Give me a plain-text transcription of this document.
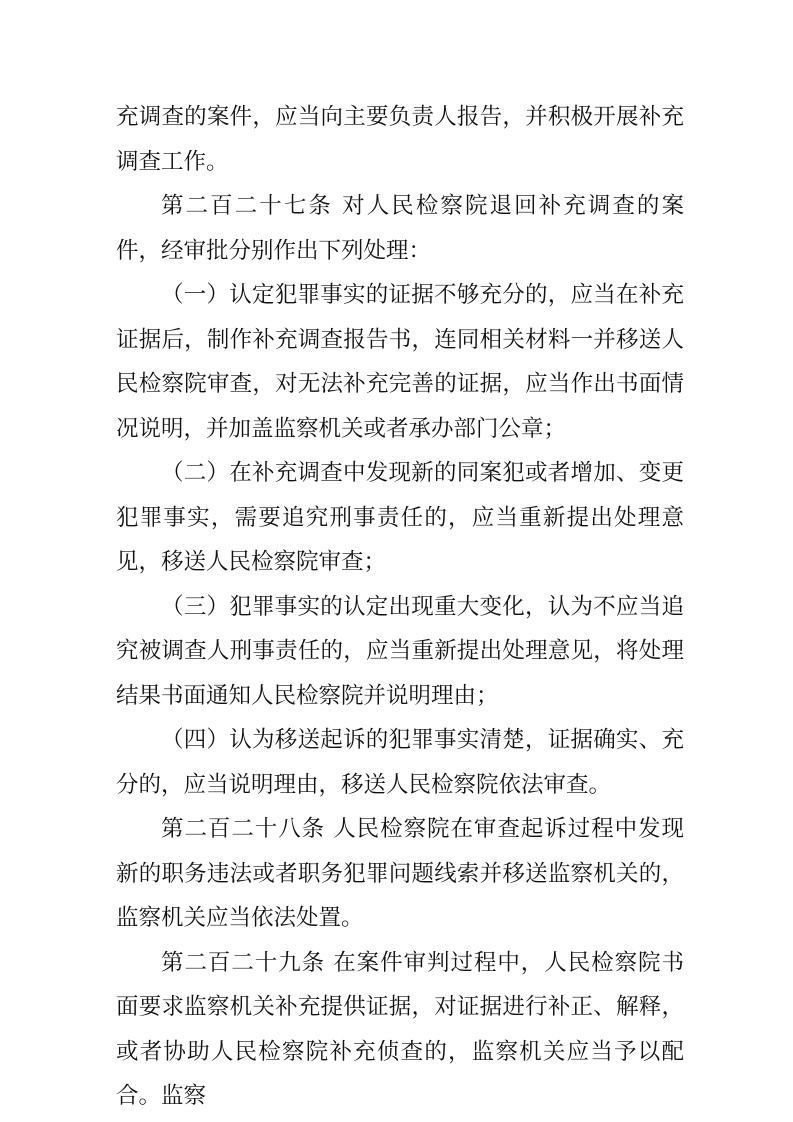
充调查的案件，应当向主要负责人报告，并积极开展补充调查工作。

第二百二十七条 对人民检察院退回补充调查的案件，经审批分别作出下列处理：

（一）认定犯罪事实的证据不够充分的，应当在补充证据后，制作补充调查报告书，连同相关材料一并移送人民检察院审查，对无法补充完善的证据，应当作出书面情况说明，并加盖监察机关或者承办部门公章；

（二）在补充调查中发现新的同案犯或者增加、变更犯罪事实，需要追究刑事责任的，应当重新提出处理意见，移送人民检察院审查；

（三）犯罪事实的认定出现重大变化，认为不应当追究被调查人刑事责任的，应当重新提出处理意见，将处理结果书面通知人民检察院并说明理由；

（四）认为移送起诉的犯罪事实清楚，证据确实、充分的，应当说明理由，移送人民检察院依法审查。

第二百二十八条 人民检察院在审查起诉过程中发现新的职务违法或者职务犯罪问题线索并移送监察机关的，监察机关应当依法处置。

第二百二十九条 在案件审判过程中，人民检察院书面要求监察机关补充提供证据，对证据进行补正、解释，或者协助人民检察院补充侦查的，监察机关应当予以配合。监察
